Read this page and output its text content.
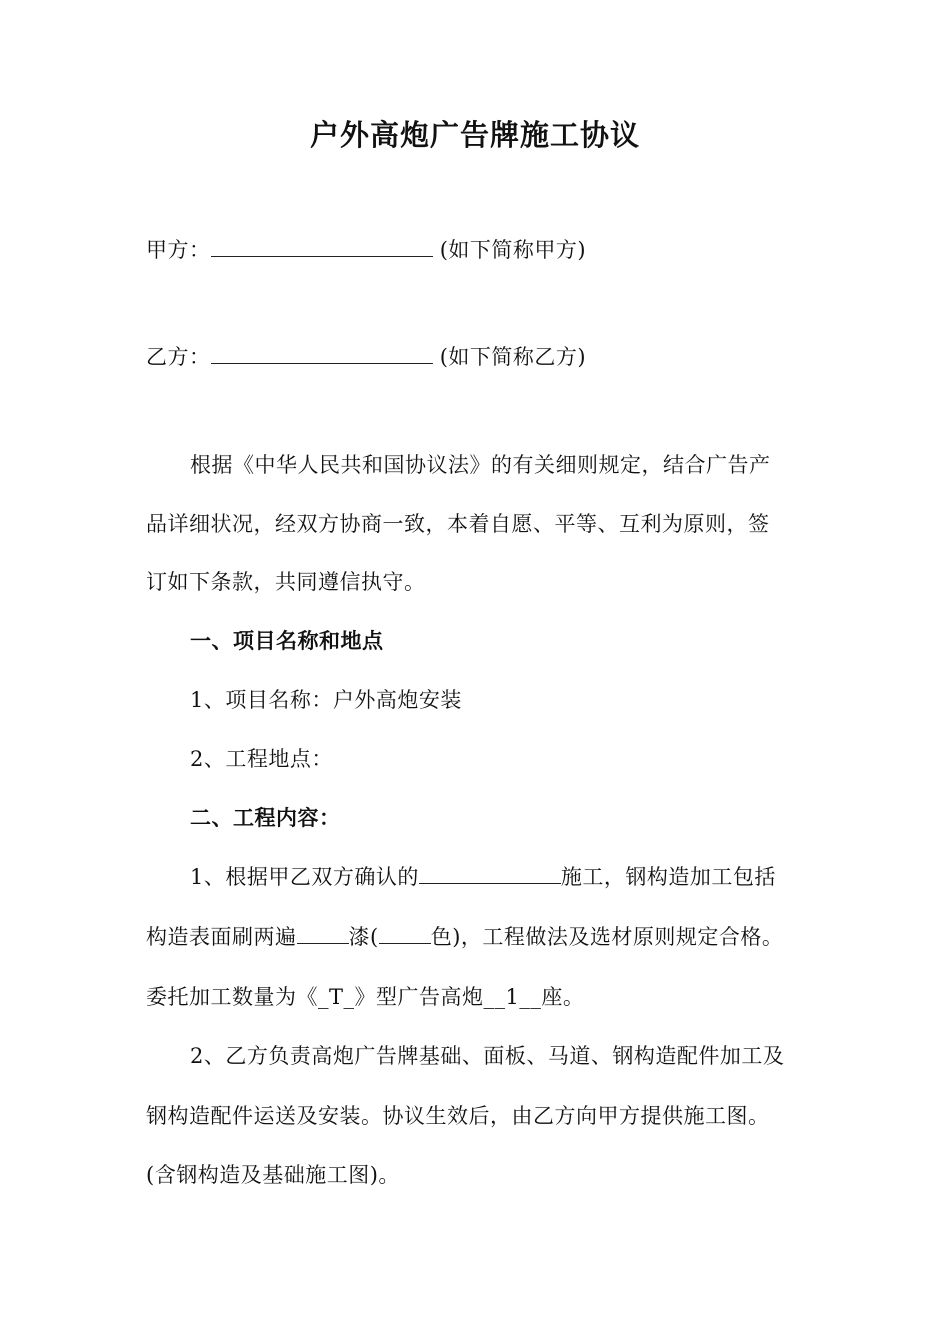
户外高炮广告牌施工协议
甲方：	(如下简称甲方)
乙方：	(如下简称乙方)
根据《中华人民共和国协议法》的有关细则规定，结合广告产
品详细状况，经双方协商一致，本着自愿、平等、互利为原则，签
订如下条款，共同遵信执守。
一、项目名称和地点
1、项目名称：户外高炮安装
2、工程地点：
二、工程内容：
1、根据甲乙双方确认的	施工，钢构造加工包括
构造表面刷两遍 漆( 色)，工程做法及选材原则规定合格。
委托加工数量为《_T_》型广告高炮__1__座。
2、乙方负责高炮广告牌基础、面板、马道、钢构造配件加工及
钢构造配件运送及安装。协议生效后，由乙方向甲方提供施工图。
(含钢构造及基础施工图)。
